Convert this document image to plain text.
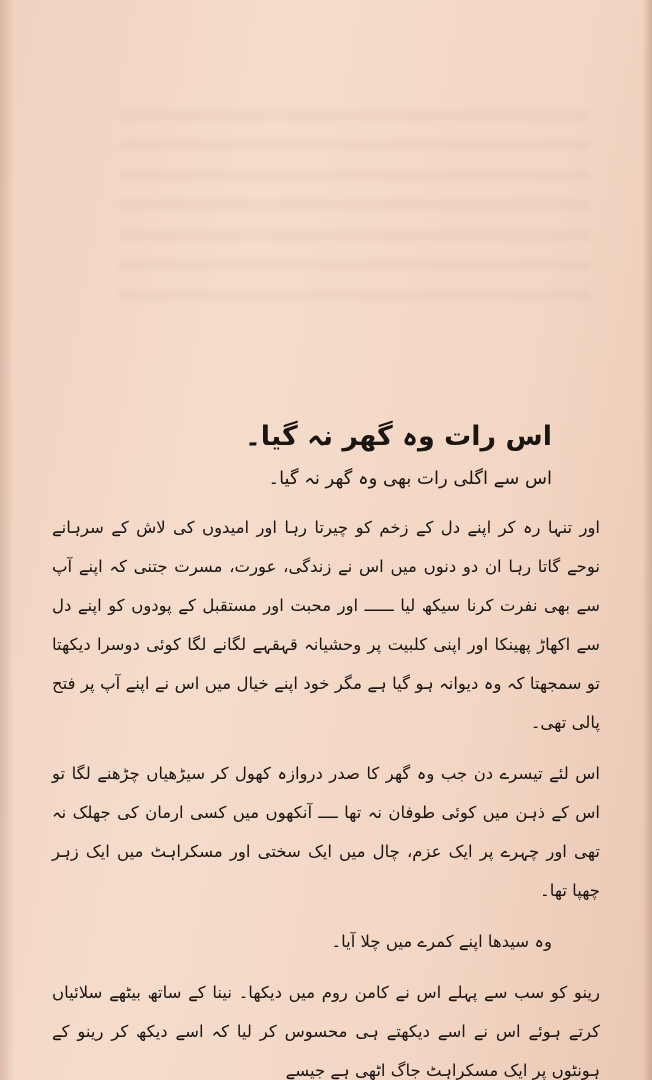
اس رات وہ گھر نہ گیا۔
اس سے اگلی رات بھی وہ گھر نہ گیا۔

اور تنہا رہ کر اپنے دل کے زخم کو چیرتا رہا اور امیدوں کی لاش کے سرہانے نوحے گاتا رہا ان دو دنوں میں اس نے زندگی، عورت، مسرت جتنی کہ اپنے آپ سے بھی نفرت کرنا سیکھ لیا ــــــ اور محبت اور مستقبل کے پودوں کو اپنے دل سے اکھاڑ پھینکا اور اپنی کلبیت پر وحشیانہ قہقہے لگانے لگا کوئی دوسرا دیکھتا تو سمجھتا کہ وہ دیوانہ ہو گیا ہے مگر خود اپنے خیال میں اس نے اپنے آپ پر فتح پالی تھی۔

اس لئے تیسرے دن جب وہ گھر کا صدر دروازہ کھول کر سیڑھیاں چڑھنے لگا تو اس کے ذہن میں کوئی طوفان نہ تھا ــــ آنکھوں میں کسی ارمان کی جھلک نہ تھی اور چہرے پر ایک عزم، چال میں ایک سختی اور مسکراہٹ میں ایک زہر چھپا تھا۔

وہ سیدھا اپنے کمرے میں چلا آیا۔

رینو کو سب سے پہلے اس نے کامن روم میں دیکھا۔ نینا کے ساتھ بیٹھے سلائیاں کرتے ہوئے اس نے اسے دیکھتے ہی محسوس کر لیا کہ اسے دیکھ کر رینو کے ہونٹوں پر ایک مسکراہٹ جاگ اٹھی ہے جیسے
